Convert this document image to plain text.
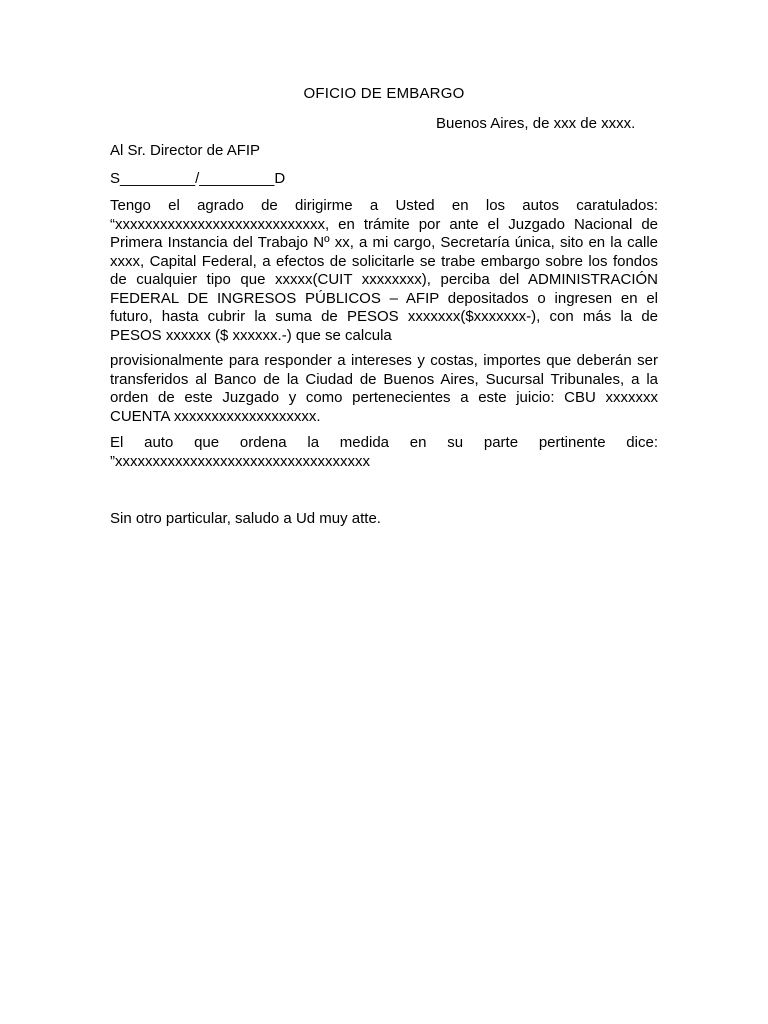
OFICIO DE EMBARGO

Buenos Aires, de xxx de xxxx.

Al Sr. Director de AFIP

S_________/_________D

Tengo el agrado de dirigirme a Usted en los autos caratulados:
“xxxxxxxxxxxxxxxxxxxxxxxxxxxx, en trámite por ante el Juzgado Nacional de
Primera Instancia del Trabajo Nº xx, a mi cargo, Secretaría única, sito en la calle
xxxx, Capital Federal, a efectos de solicitarle se trabe embargo sobre los fondos
de cualquier tipo que xxxxx(CUIT xxxxxxxx), perciba del ADMINISTRACIÓN
FEDERAL DE INGRESOS PÚBLICOS – AFIP depositados o ingresen en el
futuro, hasta cubrir la suma de PESOS xxxxxxx($xxxxxxx-), con más la de
PESOS xxxxxx ($ xxxxxx.-) que se calcula
provisionalmente para responder a intereses y costas, importes que deberán ser
transferidos al Banco de la Ciudad de Buenos Aires, Sucursal Tribunales, a la
orden de este Juzgado y como pertenecientes a este juicio: CBU xxxxxxx
CUENTA xxxxxxxxxxxxxxxxxxx.
El auto que ordena la medida en su parte pertinente dice:
”xxxxxxxxxxxxxxxxxxxxxxxxxxxxxxxxxx

Sin otro particular, saludo a Ud muy atte.
